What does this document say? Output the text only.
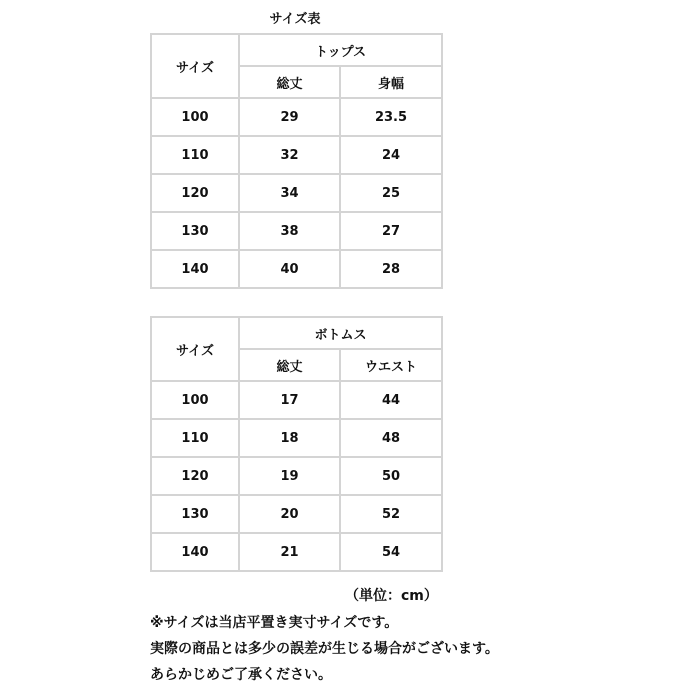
サイズ表
サイズ	トップス	
	総丈	身幅
100	29	23.5
110	32	24
120	34	25
130	38	27
140	40	28
サイズ	ボトムス	
	総丈	ウエスト
100	17	44
110	18	48
120	19	50
130	20	52
140	21	54
（単位：cm）
※サイズは当店平置き実寸サイズです。
実際の商品とは多少の誤差が生じる場合がございます。
あらかじめご了承ください。
